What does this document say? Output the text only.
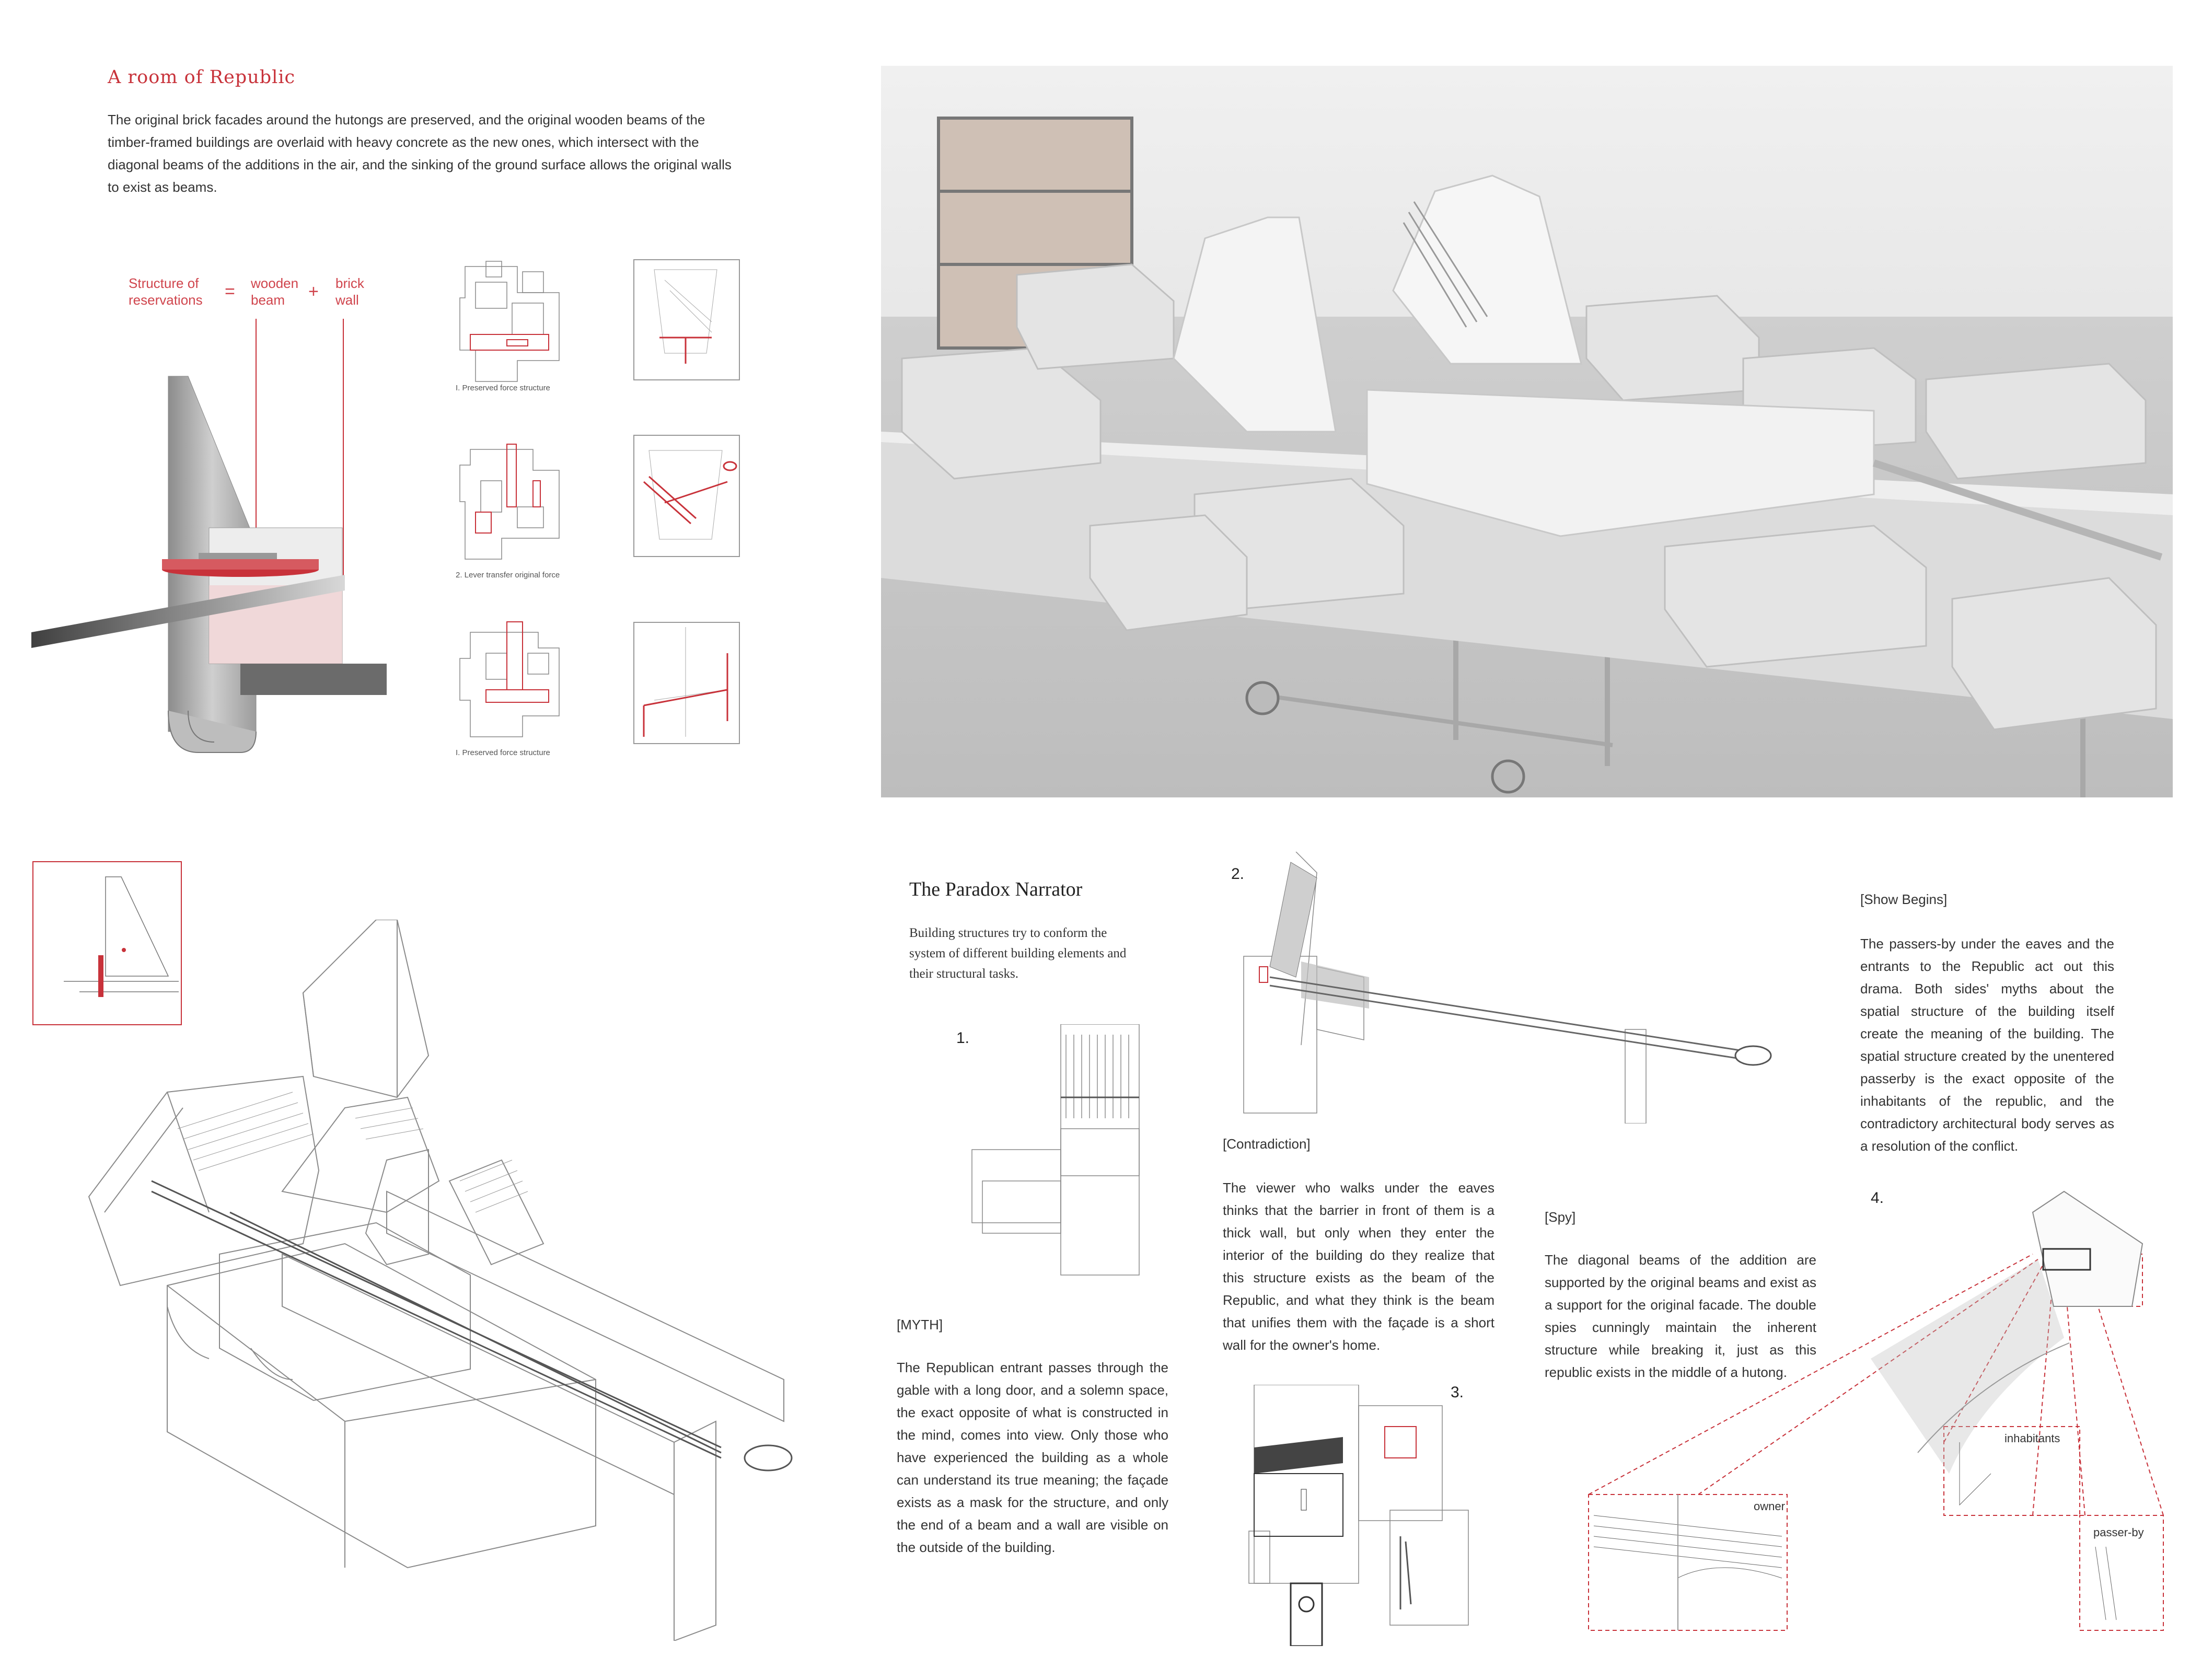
A room of Republic
The original brick facades around the hutongs are preserved, and the original wooden beams of the timber-framed buildings are overlaid with heavy concrete as the new ones, which intersect with the diagonal beams of the additions in the air, and the sinking of the ground surface allows the original walls to exist as beams.
Structure of
reservations = wooden
beam	+ brick
wall
I. Preserved force structure
2. Lever transfer original force
I. Preserved force structure
The Paradox Narrator
Building structures try to conform the system of different building elements and their structural tasks.
1.
[MYTH]
The Republican entrant passes through the gable with a long door, and a solemn space, the exact opposite of what is constructed in the mind, comes into view. Only those who have experienced the building as a whole can understand its true meaning; the façade exists as a mask for the structure, and only the end of a beam and a wall are visible on the outside of the building.
2.
[Contradiction]
The viewer who walks under the eaves thinks that the barrier in front of them is a thick wall, but only when they enter the interior of the building do they realize that this structure exists as the beam of the Republic, and what they think is the beam that unifies them with the façade is a short wall for the owner's home.
3.
[Spy]
The diagonal beams of the addition are supported by the original beams and exist as a support for the original facade. The double spies cunningly maintain the inherent structure while breaking it, just as this republic exists in the middle of a hutong.
[Show Begins]
The passers-by under the eaves and the entrants to the Republic act out this drama. Both sides' myths about the spatial structure of the building itself create the meaning of the building. The spatial structure created by the unentered passerby is the exact opposite of the inhabitants of the republic, and the contradictory architectural body serves as a resolution of the conflict.
4.
owner
inhabitants
passer-by
